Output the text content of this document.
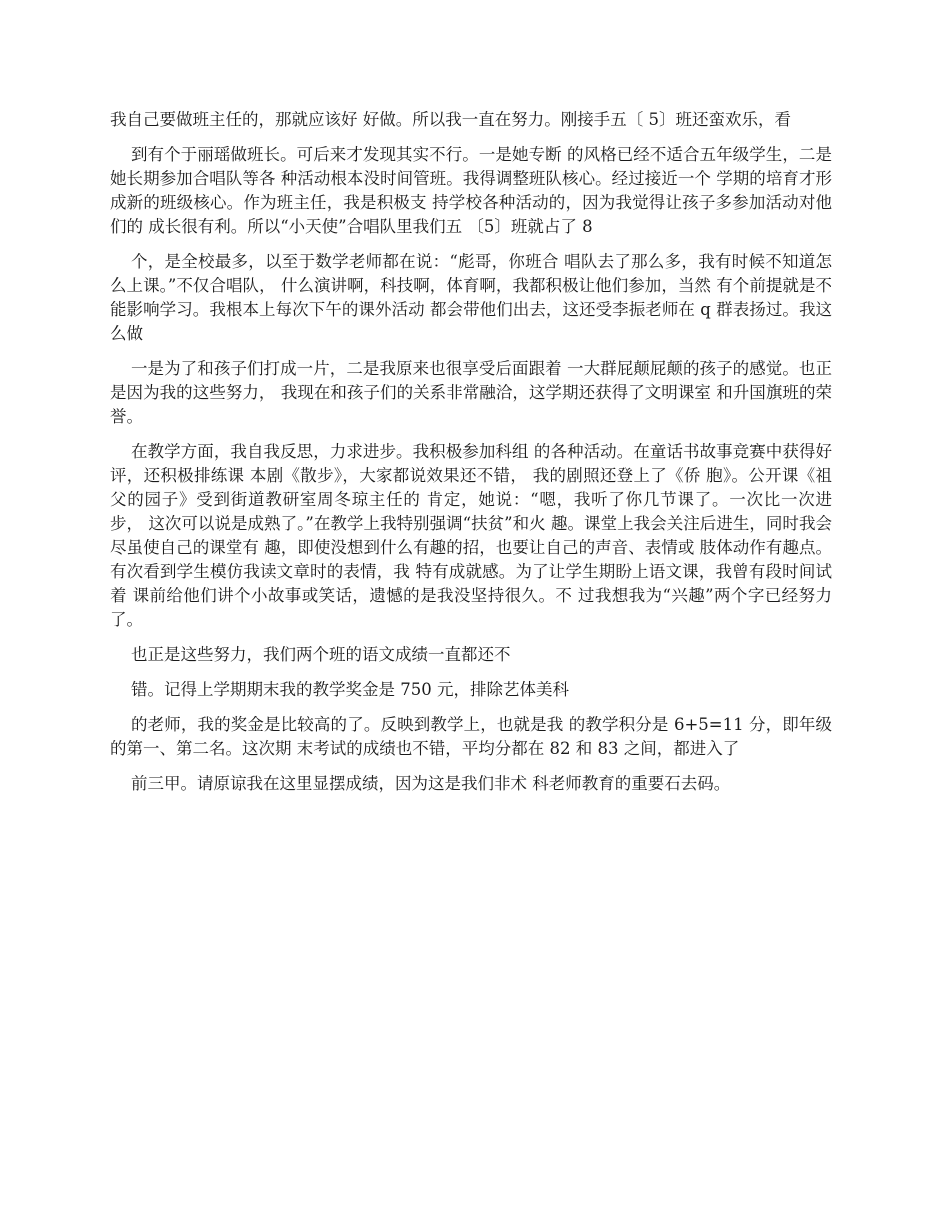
我自己要做班主任的，那就应该好 好做。所以我一直在努力。刚接手五〔 5〕班还蛮欢乐，看

到有个于丽瑶做班长。可后来才发现其实不行。一是她专断 的风格已经不适合五年级学生，二是她长期参加合唱队等各 种活动根本没时间管班。我得调整班队核心。经过接近一个 学期的培育才形成新的班级核心。作为班主任，我是积极支 持学校各种活动的，因为我觉得让孩子多参加活动对他们的 成长很有利。所以“小天使”合唱队里我们五 〔5〕班就占了 8

个，是全校最多，以至于数学老师都在说：“彪哥，你班合 唱队去了那么多，我有时候不知道怎么上课。”不仅合唱队， 什么演讲啊，科技啊，体育啊，我都积极让他们参加，当然 有个前提就是不能影响学习。我根本上每次下午的课外活动 都会带他们出去，这还受李振老师在 q 群表扬过。我这么做

一是为了和孩子们打成一片，二是我原来也很享受后面跟着 一大群屁颠屁颠的孩子的感觉。也正是因为我的这些努力， 我现在和孩子们的关系非常融洽，这学期还获得了文明课室 和升国旗班的荣誉。

在教学方面，我自我反思，力求进步。我积极参加科组 的各种活动。在童话书故事竞赛中获得好评，还积极排练课 本剧《散步》，大家都说效果还不错， 我的剧照还登上了《侨 胞》。公开课《祖父的园子》受到街道教研室周冬琼主任的 肯定，她说：“嗯，我听了你几节课了。一次比一次进步， 这次可以说是成熟了。”在教学上我特别强调“扶贫”和火 趣。课堂上我会关注后进生，同时我会尽虽使自己的课堂有 趣，即使没想到什么有趣的招，也要让自己的声音、表情或 肢体动作有趣点。有次看到学生模仿我读文章时的表情，我 特有成就感。为了让学生期盼上语文课，我曾有段时间试着 课前给他们讲个小故事或笑话，遗憾的是我没坚持很久。不 过我想我为“兴趣”两个字已经努力了。

也正是这些努力，我们两个班的语文成绩一直都还不

错。记得上学期期末我的教学奖金是 750 元，排除艺体美科

的老师，我的奖金是比较高的了。反映到教学上，也就是我 的教学积分是 6+5=11 分，即年级的第一、第二名。这次期 末考试的成绩也不错，平均分都在 82 和 83 之间，都进入了

前三甲。请原谅我在这里显摆成绩，因为这是我们非术 科老师教育的重要石去码。
